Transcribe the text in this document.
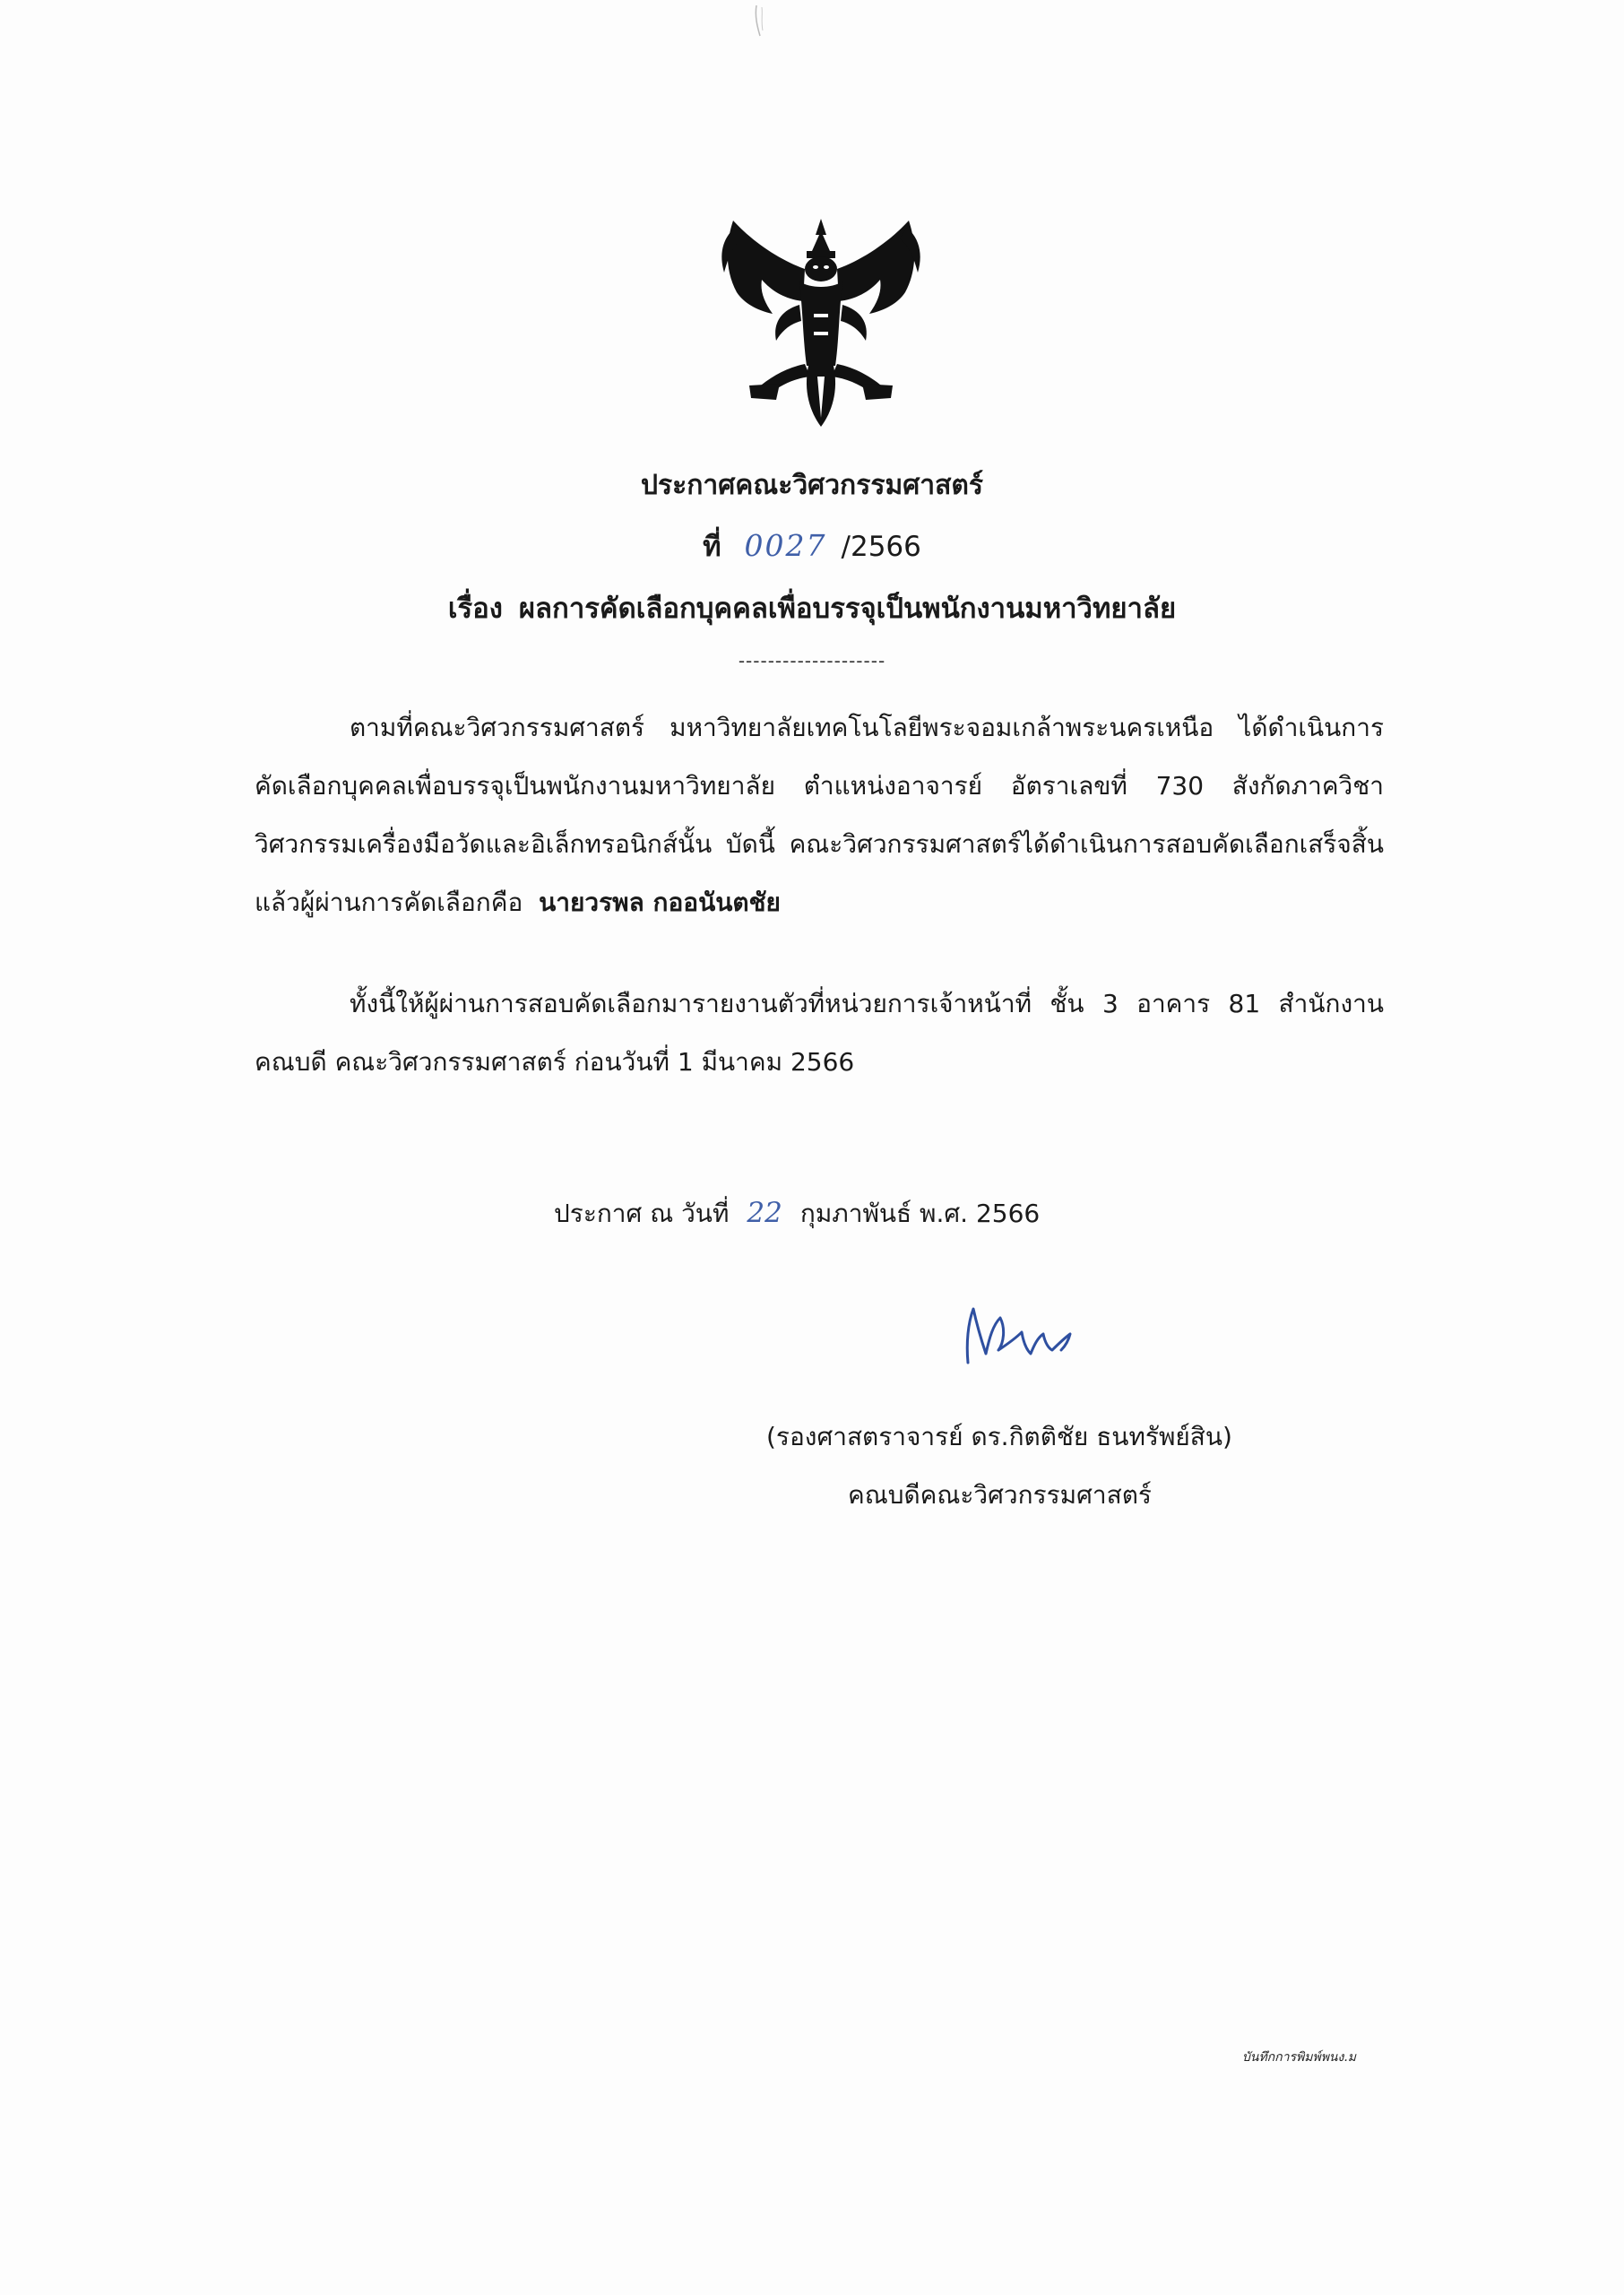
ประกาศคณะวิศวกรรมศาสตร์
ที่ 0027 /2566
เรื่อง ผลการคัดเลือกบุคคลเพื่อบรรจุเป็นพนักงานมหาวิทยาลัย
--------------------
ตามที่คณะวิศวกรรมศาสตร์ มหาวิทยาลัยเทคโนโลยีพระจอมเกล้าพระนครเหนือ ได้ดำเนินการ
คัดเลือกบุคคลเพื่อบรรจุเป็นพนักงานมหาวิทยาลัย ตำแหน่งอาจารย์ อัตราเลขที่ 730 สังกัดภาควิชา
วิศวกรรมเครื่องมือวัดและอิเล็กทรอนิกส์นั้น บัดนี้ คณะวิศวกรรมศาสตร์ได้ดำเนินการสอบคัดเลือกเสร็จสิ้น
แล้วผู้ผ่านการคัดเลือกคือ นายวรพล กออนันตชัย
ทั้งนี้ให้ผู้ผ่านการสอบคัดเลือกมารายงานตัวที่หน่วยการเจ้าหน้าที่ ชั้น 3 อาคาร 81 สำนักงาน
คณบดี คณะวิศวกรรมศาสตร์ ก่อนวันที่ 1 มีนาคม 2566
ประกาศ ณ วันที่ 22 กุมภาพันธ์ พ.ศ. 2566
(รองศาสตราจารย์ ดร.กิตติชัย ธนทรัพย์สิน)
คณบดีคณะวิศวกรรมศาสตร์
บันทึกการพิมพ์พนง.ม
